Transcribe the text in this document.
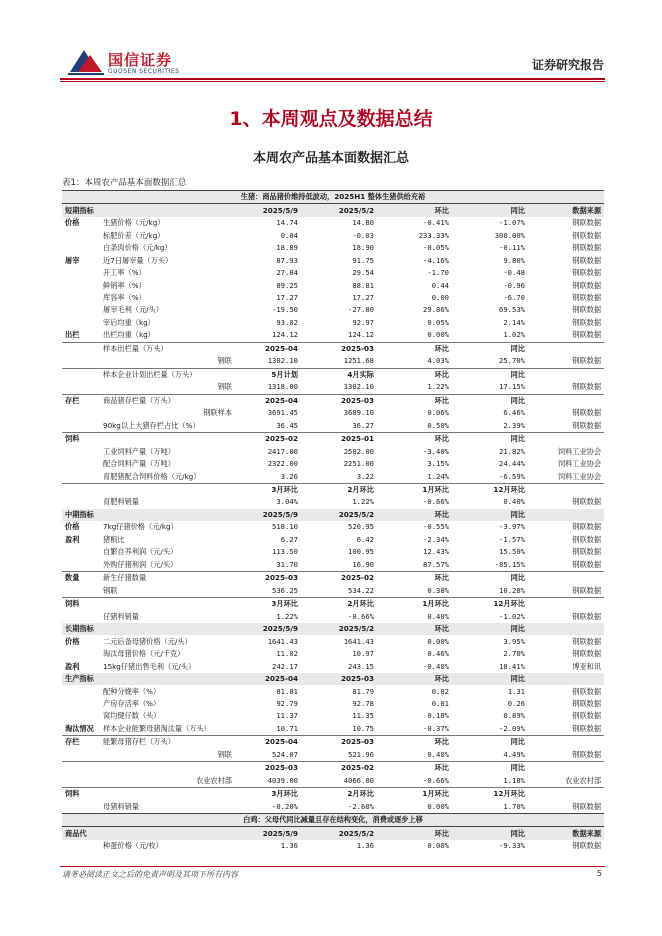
国信证券
GUOSEN SECURITIES	证券研究报告
1、本周观点及数据总结
本周农产品基本面数据汇总
表1：本周农产品基本面数据汇总
生猪：商品猪价维持低波动，2025H1 整体生猪供给充裕						
短期指标		2025/5/9	2025/5/2	环比	同比	数据来源
价格	生猪价格（元/kg）	14.74	14.80	-0.41%	-1.07%	钢联数据
	标肥价差（元/kg）	0.04	-0.03	233.33%	300.00%	钢联数据
	白条肉价格（元/kg）	18.89	18.90	-0.05%	-0.11%	钢联数据
屠宰	近7日屠宰量（万头）	87.93	91.75	-4.16%	9.80%	钢联数据
	开工率（%）	27.84	29.54	-1.70	-0.48	钢联数据
	鲜销率（%）	89.25	88.81	0.44	-0.96	钢联数据
	库容率（%）	17.27	17.27	0.00	-6.70	钢联数据
	屠宰毛利（元/头）	-19.50	-27.80	29.86%	69.53%	钢联数据
	宰后均重（kg）	93.02	92.97	0.05%	2.14%	钢联数据
出栏	出栏均重（kg）	124.12	124.12	0.00%	1.02%	钢联数据
	样本出栏量（万头）	2025-04	2025-03	环比	同比	
	钢联	1302.10	1251.68	4.03%	25.70%	钢联数据
	样本企业计划出栏量（万头）	5月计划	4月实际	环比	同比	
	钢联	1318.00	1302.10	1.22%	17.15%	钢联数据
存栏	商品猪存栏量（万头）	2025-04	2025-03	环比	同比	
	钢联样本	3691.45	3689.10	0.06%	6.46%	钢联数据
	90kg以上大猪存栏占比（%）	36.45	36.27	0.50%	2.39%	钢联数据
饲料		2025-02	2025-01	环比	同比	
	工业饲料产量（万吨）	2417.00	2502.00	-3.40%	21.82%	饲料工业协会
	配合饲料产量（万吨）	2322.00	2251.00	3.15%	24.44%	饲料工业协会
	育肥猪配合饲料价格（元/kg）	3.26	3.22	1.24%	-6.59%	饲料工业协会
		3月环比	2月环比	1月环比	12月环比	
	育肥料销量	3.04%	1.22%	-0.66%	0.40%	钢联数据
中期指标		2025/5/9	2025/5/2	环比	同比	
价格	7kg仔猪价格（元/kg）	518.10	520.95	-0.55%	-3.97%	钢联数据
盈利	猪粮比	6.27	6.42	-2.34%	-1.57%	钢联数据
	自繁自养利润（元/头）	113.50	100.95	12.43%	15.50%	钢联数据
	外购仔猪利润（元/头）	31.70	16.90	87.57%	-85.15%	钢联数据
数量	新生仔猪数量	2025-03	2025-02	环比	同比	
	钢联	536.25	534.22	0.38%	10.28%	钢联数据
饲料		3月环比	2月环比	1月环比	12月环比	
	仔猪料销量	1.22%	-0.66%	0.40%	-1.02%	钢联数据
长期指标		2025/5/9	2025/5/2	环比	同比	
价格	二元后备母猪价格（元/头）	1641.43	1641.43	0.00%	3.95%	钢联数据
	淘汰母猪价格（元/千克）	11.02	10.97	0.46%	2.70%	钢联数据
盈利	15kg仔猪出售毛利（元/头）	242.17	243.15	-0.40%	18.41%	博亚和讯
生产指标		2025-04	2025-03	环比	同比	
	配种分娩率（%）	81.81	81.79	0.02	1.31	钢联数据
	产房存活率（%）	92.79	92.78	0.01	0.26	钢联数据
	窝均健仔数（头）	11.37	11.35	0.18%	0.89%	钢联数据
淘汰情况	样本企业能繁母猪淘汰量（万头）	10.71	10.75	-0.37%	-2.09%	钢联数据
存栏	能繁母猪存栏（万头）	2025-04	2025-03	环比	同比	
	钢联	524.07	521.96	0.40%	4.49%	钢联数据
		2025-03	2025-02	环比	同比	
	农业农村部	4039.00	4066.00	-0.66%	1.18%	农业农村部
饲料		3月环比	2月环比	1月环比	12月环比	
	母猪料销量	-0.20%	-2.60%	0.00%	1.70%	钢联数据
白鸡：父母代同比减量且存在结构变化，消费或逐步上移						
商品代		2025/5/9	2025/5/2	环比	同比	数据来源
	种蛋价格（元/枚）	1.36	1.36	0.00%	-9.33%	钢联数据
请务必阅读正文之后的免责声明及其项下所有内容	5
